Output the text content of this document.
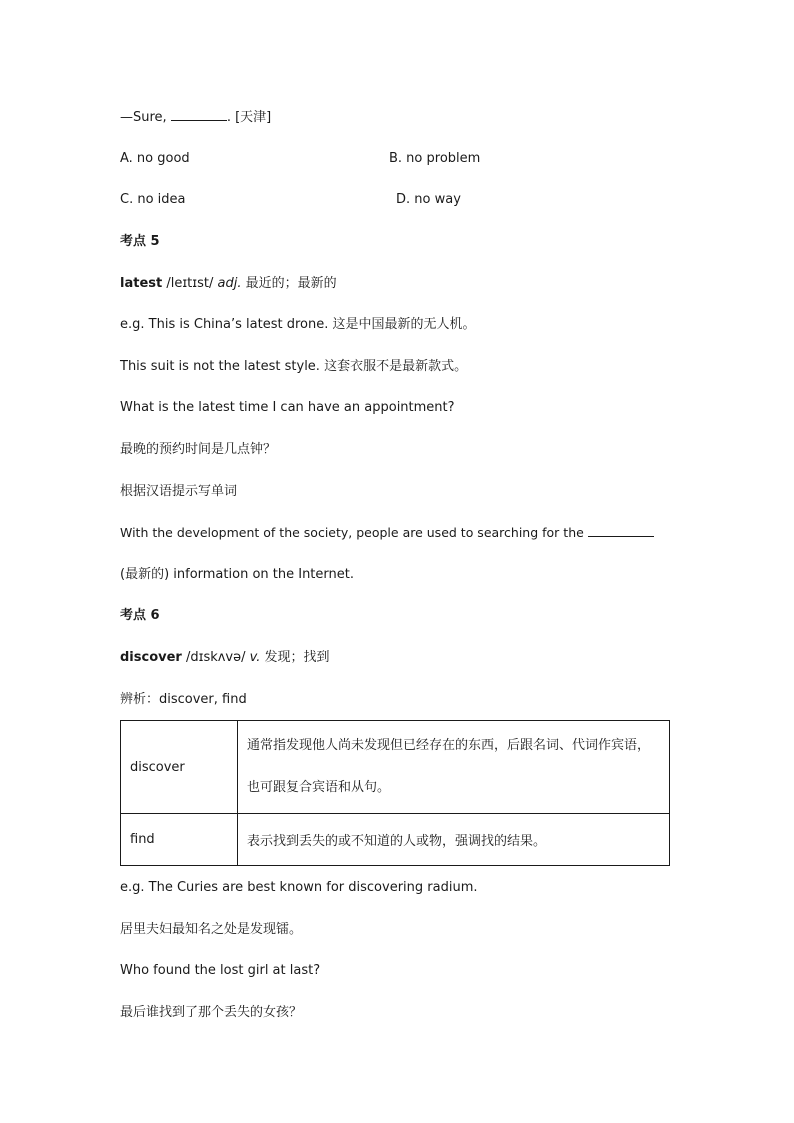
—Sure,	. [天津]
A. no good	B. no problem
C. no idea	D. no way
考点 5
latest /leɪtɪst/ adj. 最近的；最新的
e.g. This is China’s latest drone. 这是中国最新的无人机。
This suit is not the latest style. 这套衣服不是最新款式。
What is the latest time I can have an appointment?
最晚的预约时间是几点钟？
根据汉语提示写单词
With the development of the society, people are used to searching for the
(最新的) information on the Internet.
考点 6
discover /dɪskʌvə/ v. 发现；找到
辨析：discover, find
discover	通常指发现他人尚未发现但已经存在的东西，后跟名词、代词作宾语，

也可跟复合宾语和从句。

find	表示找到丢失的或不知道的人或物，强调找的结果。
e.g. The Curies are best known for discovering radium.
居里夫妇最知名之处是发现镭。
Who found the lost girl at last?
最后谁找到了那个丢失的女孩？
